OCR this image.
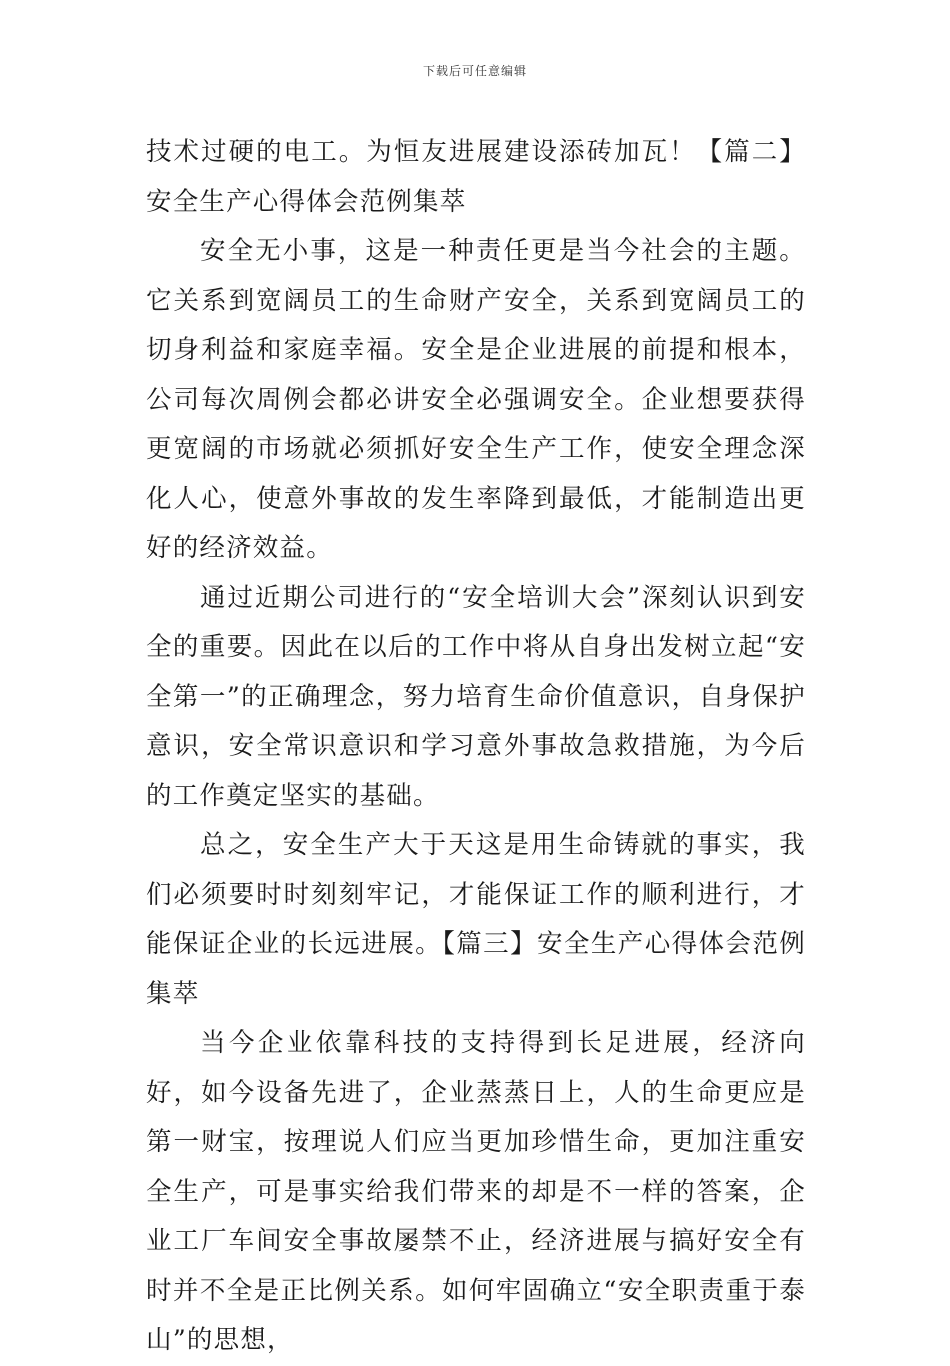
下载后可任意编辑

技术过硬的电工。为恒友进展建设添砖加瓦！【篇二】安全生产心得体会范例集萃

安全无小事，这是一种责任更是当今社会的主题。它关系到宽阔员工的生命财产安全，关系到宽阔员工的切身利益和家庭幸福。安全是企业进展的前提和根本，公司每次周例会都必讲安全必强调安全。企业想要获得更宽阔的市场就必须抓好安全生产工作，使安全理念深化人心，使意外事故的发生率降到最低，才能制造出更好的经济效益。

通过近期公司进行的“安全培训大会”深刻认识到安全的重要。因此在以后的工作中将从自身出发树立起“安全第一”的正确理念，努力培育生命价值意识，自身保护意识，安全常识意识和学习意外事故急救措施，为今后的工作奠定坚实的基础。

总之，安全生产大于天这是用生命铸就的事实，我们必须要时时刻刻牢记，才能保证工作的顺利进行，才能保证企业的长远进展。【篇三】安全生产心得体会范例集萃

当今企业依靠科技的支持得到长足进展，经济向好，如今设备先进了，企业蒸蒸日上，人的生命更应是第一财宝，按理说人们应当更加珍惜生命，更加注重安全生产，可是事实给我们带来的却是不一样的答案，企业工厂车间安全事故屡禁不止，经济进展与搞好安全有时并不全是正比例关系。如何牢固确立“安全职责重于泰山”的思想，
